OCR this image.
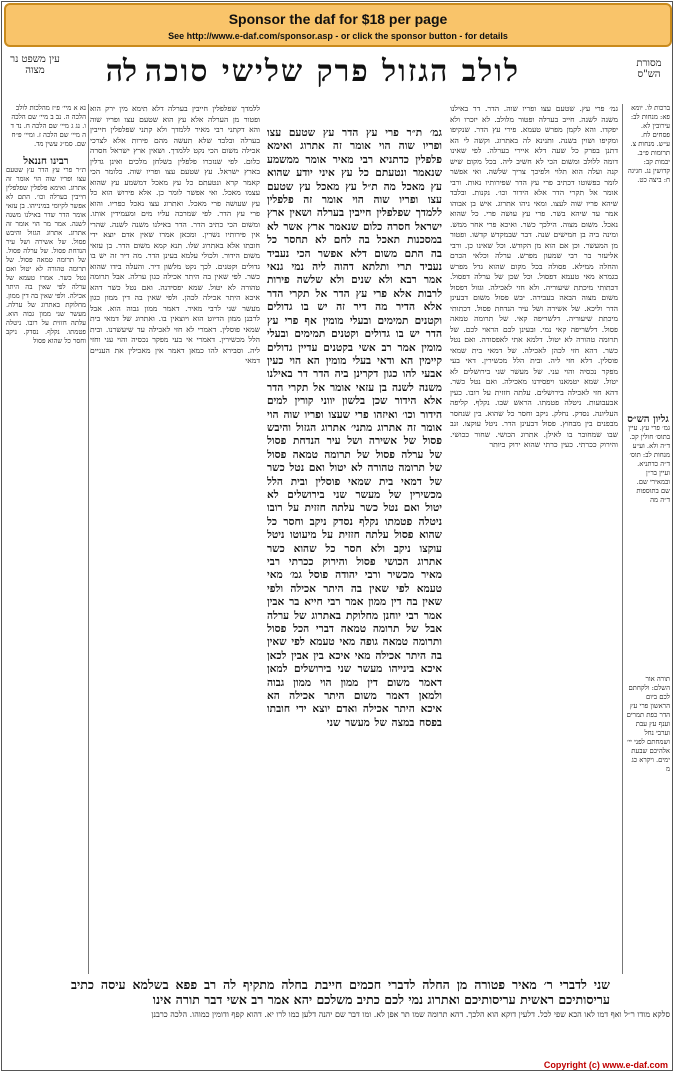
Sponsor the daf for $18 per page
See http://www.e-daf.com/sponsor.asp - or click the sponsor button - for details
מסורת הש"ס
לולב הגזול פרק שלישי סוכה
לה
עין משפט נר מצוה
ברכות לו. יומא פא: מנחות לב: עירובין לא. פסחים לח. ע״ש. מנחות צ. תרומות פ״ב. יבמות קב: קדושין נג. חגיגה ח: ביצה כט.
גליון הש״ס
גמ׳ פרי עץ. עיין בתוס׳ חולין קכ. ד״ה ולא. וע״ע מנחות לב: תוס׳ ד״ה כדתניא. ועיין בר״ן ובמאירי שם. שם בתוספות ד״ה מה
תורה אור השלם: ולקחתם לכם ביום הראשון פרי עץ הדר כפת תמרים וענף עץ עבת וערבי נחל ושמחתם לפני יי׳ אלהיכם שבעת ימים. ויקרא כג מ
גמ׳ פרי עץ. שטעם עצו ופריו שוה. הדר. דר באילנו משנה לשנה. חייב בערלה ופטור מלולב. לא יזכרו ולא יפקדו. והא לקמן מפרש טעמא. פירי עץ הדר. שנקיפו ומקיפו ושוין בשנה. ותנינא לה באתרוג. וקשה לי הא דתנן בפרק כל שעה דלא איירי בערלה. לפי שאינו דומה ללולב ומשום הכי לא חשיב ליה. בכל מקום שיש קנה ועלה הוא תלוי ולפיכך צריך שלשה. ואי אפשר לומר כפשוטו דכתיב פרי עץ הדר שפירותיו נאות. ורבי אומר אל תקרי הדר אלא הידור וכו׳. נקנות. ובלבד שיהא פריו שוה לעצו. ומאי ניהו אתרוג. איש בן אבוהו אמר עד שיהא בשר. פרי עץ עושה פרי. כל שהוא נאכל. משום מצוה. הילכך כשר. ואיכא פרי אחר ממש. ומינה ביה בן חמישים שנה. דבר שבמקדש קדשו. ופטור מן המעשר. וכן אם הוא מן הקודש. וכל שאינו כן. ורבי אליעזר בר רבי שמעון מפרש. ערלה וכלאי הכרם והחלה ממילא. פסולה בכל מקום שהוא גדל מפרש בגמרא מאי טעמא דפסול. וכל שכן של ערלה דפסול. דכתותי מיכתת שיעוריה. ולא חזי לאכילה. וגזול דפסול משום מצוה הבאה בעבירה. יבש פסול משום דבעינן הדר וליכא. של אשירה ושל עיר הנדחת פסול. דכתותי מיכתת שיעוריה. דלשריפה קאי. של תרומה טמאה פסול. דלשריפה קאי נמי. ובעינן לכם הראוי לכם. של תרומה טהורה לא יטול. דלמא אתי לאפסודה. ואם נטל כשר. דהא חזי לכהן לאכילה. של דמאי בית שמאי פוסלין. דלא חזי ליה. ובית הלל מכשירין. דאי בעי מפקר נכסיה והוי עני. של מעשר שני בירושלים לא יטול. שמא יטמאנו ויפסידנו מאכילה. ואם נטל כשר. דהא חזי לאכילה בירושלים. עלתה חזזית על רובו. כעין אבעבועות. ניטלה פטמתו. הראש שבו. נקלף. קליפה העליונה. נסדק. נחלק. ניקב וחסר כל שהוא. בין שנחסר מבפנים בין מבחוץ. פסול דבעינן הדר. ניטל עוקצו. זנב שבו שמחובר בו לאילן. אתרוג הכושי. שחור ככושי. והירוק ככרתי. כעין כרתי שהוא ירוק ביותר
גמ׳ ת״ר פרי עץ הדר עץ שטעם עצו ופריו שוה הוי אומר זה אתרוג ואימא פלפלין כדתניא רבי מאיר אומר ממשמע שנאמר ונטעתם כל עץ איני יודע שהוא עץ מאכל מה ת״ל עץ מאכל עץ שטעם עצו ופריו שוה הוי אומר זה פלפלין ללמדך שפלפלין חייבין בערלה ושאין ארץ ישראל חסרה כלום שנאמר ארץ אשר לא במסכנות תאכל בה לחם לא תחסר כל בה התם משום דלא אפשר הכי נעביד נעביד תרי ותלתא דהוה ליה נמי גנאי אמר רבא ולא שנים ולא שלשה פירות לרבות אלא פרי עץ הדר אל תקרי הדר אלא הדיר מה דיר זה יש בו גדולים וקטנים תמימים ובעלי מומין אף פרי עץ הדר יש בו גדולים וקטנים תמימים ובעלי מומין אמר רב אשי בקטנים עדיין גדולים קיימין הא ודאי בעלי מומין הא הוי כעין אבעי להו כגון דקרינן ביה הדר דר באילנו משנה לשנה בן עזאי אומר אל תקרי הדר אלא הידור שכן בלשון יווני קורין למים הידור וכו׳ ואיזהו פרי שעצו ופריו שוה הוי אומר זה אתרוג מתני׳ אתרוג הגזול והיבש פסול של אשירה ושל עיר הנדחת פסול של ערלה פסול של תרומה טמאה פסול של תרומה טהורה לא יטול ואם נטל כשר של דמאי בית שמאי פוסלין ובית הלל מכשירין של מעשר שני בירושלים לא יטול ואם נטל כשר עלתה חזזית על רובו ניטלה פטמתו נקלף נסדק ניקב וחסר כל שהוא פסול עלתה חזזית על מיעוטו ניטל עוקצו ניקב ולא חסר כל שהוא כשר אתרוג הכושי פסול והירוק ככרתי רבי מאיר מכשיר ורבי יהודה פוסל גמ׳ מאי טעמא לפי שאין בה היתר אכילה ולפי שאין בה דין ממון אמר רבי חייא בר אבין אמר רבי יוחנן מחלוקת באתרוג של ערלה אבל של תרומה טמאה דברי הכל פסול ותרומה טמאה גופה מאי טעמא לפי שאין בה היתר אכילה מאי איכא בין אבין לכאן איכא בינייהו מעשר שני בירושלים למאן דאמר משום דין ממון הוי ממון גבוה ולמאן דאמר משום היתר אכילה הא איכא היתר אכילה ואדם יוצא ידי חובתו בפסח במצה של מעשר שני
ללמדך שפלפלין חייבין בערלה דלא תימא מין ירק הוא ופטור מן הערלה אלא עץ הוא שטעם עצו ופריו שוה והא דקתני רבי מאיר ללמדך ולא קתני שפלפלין חייבין בערלה ובלבד שלא תעשה מהם פירות אלא לצרכי אכילה משום הכי נקט ללמדך. ושאין ארץ ישראל חסרה כלום. לפי שנזכרו פלפלין בשלחן מלכים ואינן גדלין בארץ ישראל. עץ שטעם עצו ופריו שוה. כלומר הכי קאמר קרא ונטעתם כל עץ מאכל דמשמע עץ שהוא עצמו מאכל. ואי אפשר לומר כן. אלא פירוש הוא כל עץ שעושה פרי מאכל. ואתרוג עצו נאכל כפריו. והוא פרי עץ הדר. לפי שמרבה עליו מים ומעמידין אותו. ומשום הכי כתיב הדר. הדר באילנו משנה לשנה. שהרי אין פירותיו נשרין. ומכאן אמרו שאין אדם יוצא ידי חובתו אלא באתרוג שלו. תנא קמא משום הדר. בן עזאי משום הידור. ולכולי עלמא בעינן הדר. מה דיר זה יש בו גדולים וקטנים. לכך נקט מלשון דיר. והעלה בידו שהוא כשר. לפי שאין בה היתר אכילה כגון ערלה. אבל תרומה טהורה לא יטול. שמא יפסידנה. ואם נטל כשר דהא איכא היתר אכילה לכהן. ולפי שאין בה דין ממון כגון מעשר שני לרבי מאיר. דאמר ממון גבוה הוא. אבל לרבנן ממון הדיוט הוא ויוצאין בו. ואתרוג של דמאי בית שמאי פוסלין. דאמרי לא חזי לאכילה עד שיעשרנו. ובית הלל מכשירין. דאמרי אי בעי מפקר נכסיה והוי עני וחזי ליה. וסבירא להו כמאן דאמר אין מאכילין את העניים דמאי
נא א מיי׳ פ״ז מהלכות לולב הלכה ה. נב ב מיי׳ שם הלכה ו. נג ג מיי׳ שם הלכה ח. נד ד ה מיי׳ שם הלכה ז. ומיי׳ פ״ח שם. סמ״ג עשין מד.
רבינו חננאל
ת״ר פרי עץ הדר עץ שטעם עצו ופריו שוה הוי אומר זה אתרוג. ואימא פלפלין שפלפלין חייבין בערלה וכו׳. התם לא אפשר לקיומי במינייהו. בן עזאי אומר הדר שדר באילנו משנה לשנה. אמר מר הוי אומר זה אתרוג. אתרוג הגזול והיבש פסול. של אשירה ושל עיר הנדחת פסול. של ערלה פסול. של תרומה טמאה פסול. של תרומה טהורה לא יטול ואם נטל כשר. אמרו טעמא של ערלה לפי שאין בה היתר אכילה. ולפי שאין בה דין ממון. מחלוקת באתרוג של ערלה. מעשר שני ממון גבוה הוא. עלתה חזזית על רובו. ניטלה פטמתו. נקלף. נסדק. ניקב וחסר כל שהוא פסול
שני לדברי ר׳ מאיר פטורה מן החלה לדברי חכמים חייבת בחלה מתקיף לה רב פפא בשלמא עיסה כתיב עריסותיכם ראשית עריסותיכם ואתרוג נמי לכם כתיב משלכם יהא אמר רב אשי דבר תורה אינו
סלקא מודו ר״ל ואף דמו לאו הכא שפי לכל. דלעין דוקא הוא הלכך. דהא תרומה שמו תר אפן לא. ומו דבר שם יהנה דלען כמו לרו יא. דהוא קפף ודומין כמוהו. הלכה כרבנן
Copyright (c) www.e-daf.com
